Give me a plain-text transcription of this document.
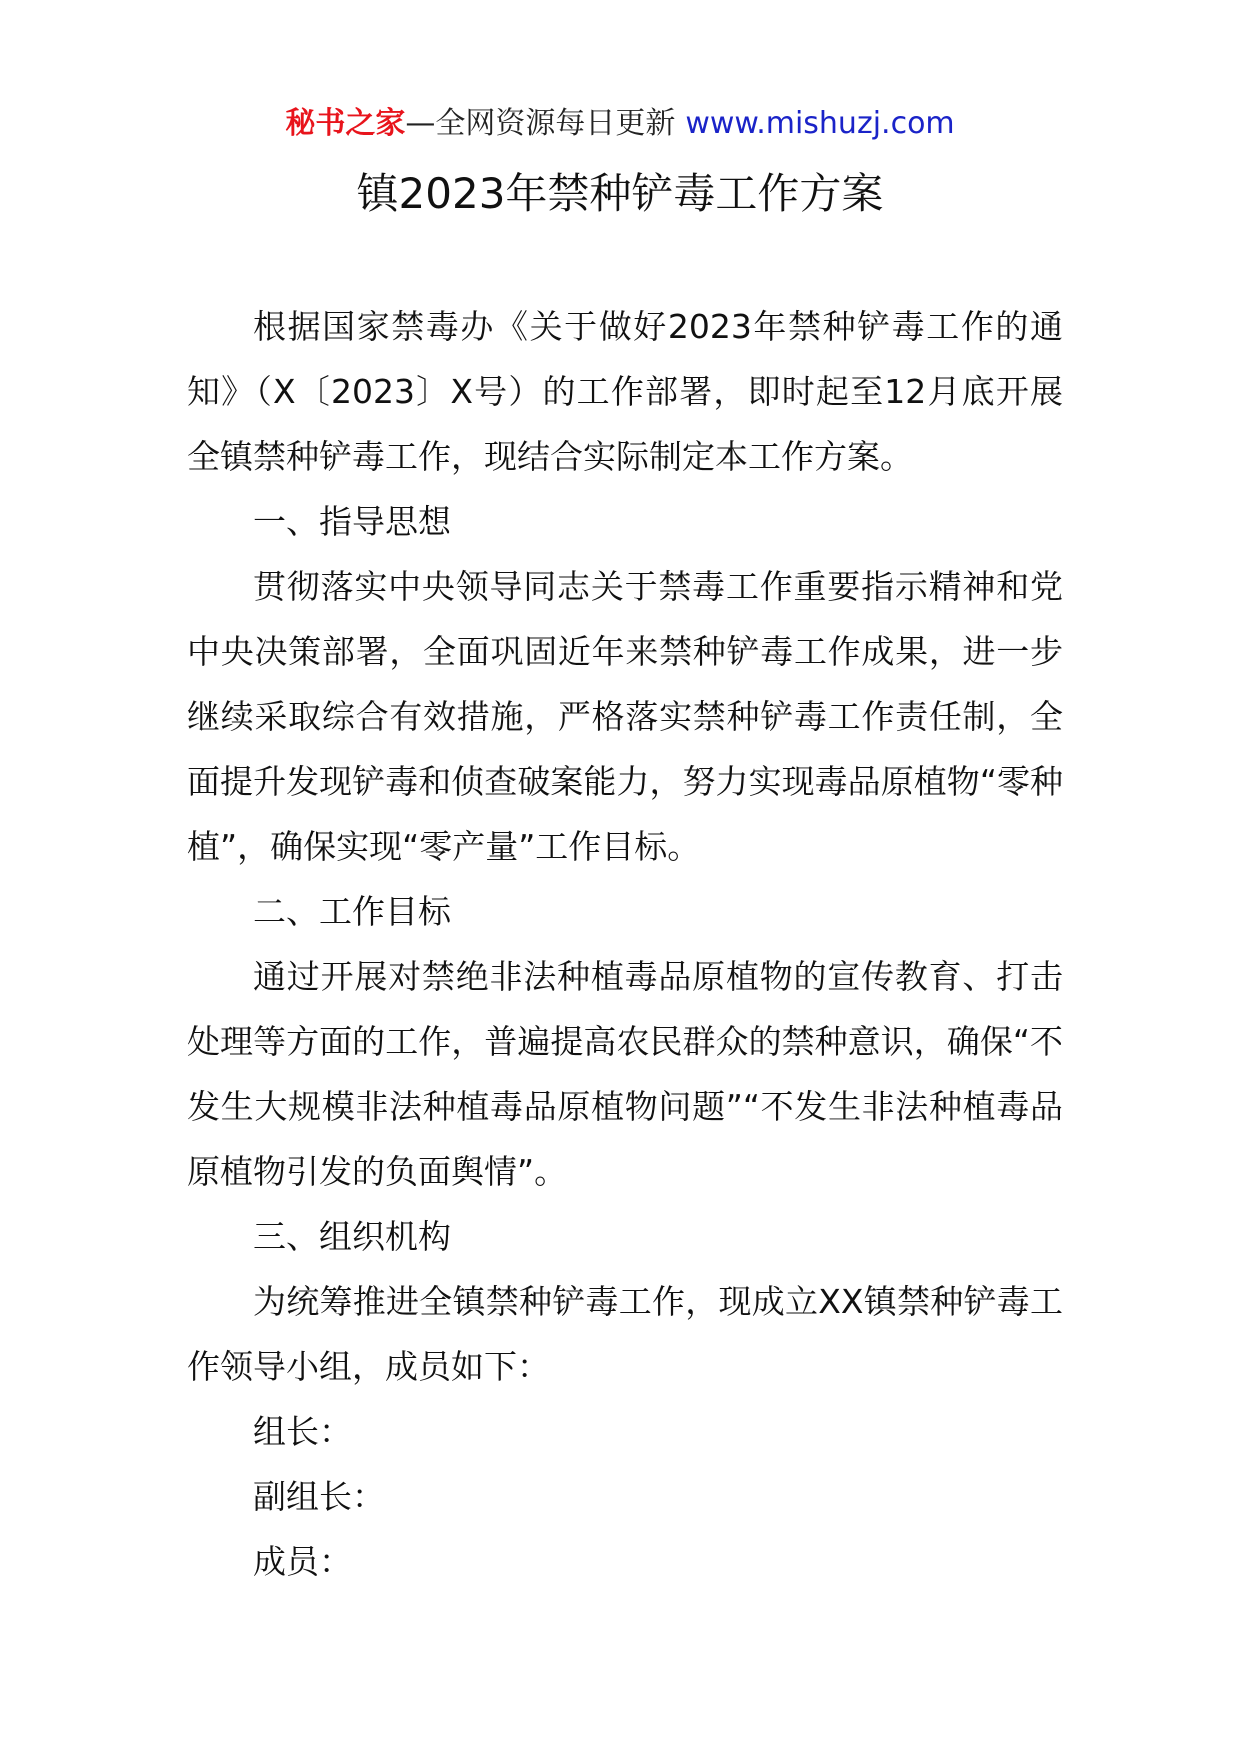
秘书之家—全网资源每日更新 www.mishuzj.com
镇2023年禁种铲毒工作方案

根据国家禁毒办《关于做好2023年禁种铲毒工作的通知》（X〔2023〕X号）的工作部署，即时起至12月底开展全镇禁种铲毒工作，现结合实际制定本工作方案。

一、指导思想

贯彻落实中央领导同志关于禁毒工作重要指示精神和党中央决策部署，全面巩固近年来禁种铲毒工作成果，进一步继续采取综合有效措施，严格落实禁种铲毒工作责任制，全面提升发现铲毒和侦查破案能力，努力实现毒品原植物“零种植”，确保实现“零产量”工作目标。

二、工作目标

通过开展对禁绝非法种植毒品原植物的宣传教育、打击处理等方面的工作，普遍提高农民群众的禁种意识，确保“不发生大规模非法种植毒品原植物问题”“不发生非法种植毒品原植物引发的负面舆情”。

三、组织机构

为统筹推进全镇禁种铲毒工作，现成立XX镇禁种铲毒工作领导小组，成员如下：

组长：

副组长：

成员：
